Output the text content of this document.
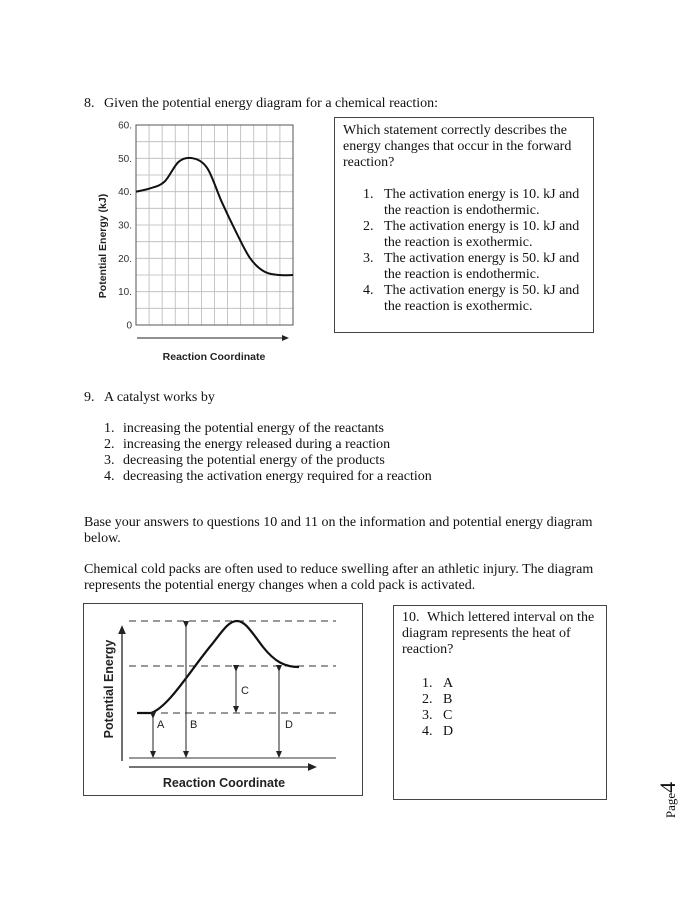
8. Given the potential energy diagram for a chemical reaction:
0
10.
20.
30.
40.
50.
60.
Potential Energy (kJ)
Reaction Coordinate
Which statement correctly describes the energy changes that occur in the forward reaction?
1. The activation energy is 10. kJ and the reaction is endothermic.
2. The activation energy is 10. kJ and the reaction is exothermic.
3. The activation energy is 50. kJ and the reaction is endothermic.
4. The activation energy is 50. kJ and the reaction is exothermic.
9. A catalyst works by
1. increasing the potential energy of the reactants
2. increasing the energy released during a reaction
3. decreasing the potential energy of the products
4. decreasing the activation energy required for a reaction
Base your answers to questions 10 and 11 on the information and potential energy diagram below.
Chemical cold packs are often used to reduce swelling after an athletic injury. The diagram represents the potential energy changes when a cold pack is activated.
Potential Energy
Reaction Coordinate
A B
C
D
10. Which lettered interval on the diagram represents the heat of reaction?
1. A
2. B
3. C
4. D
Page4
